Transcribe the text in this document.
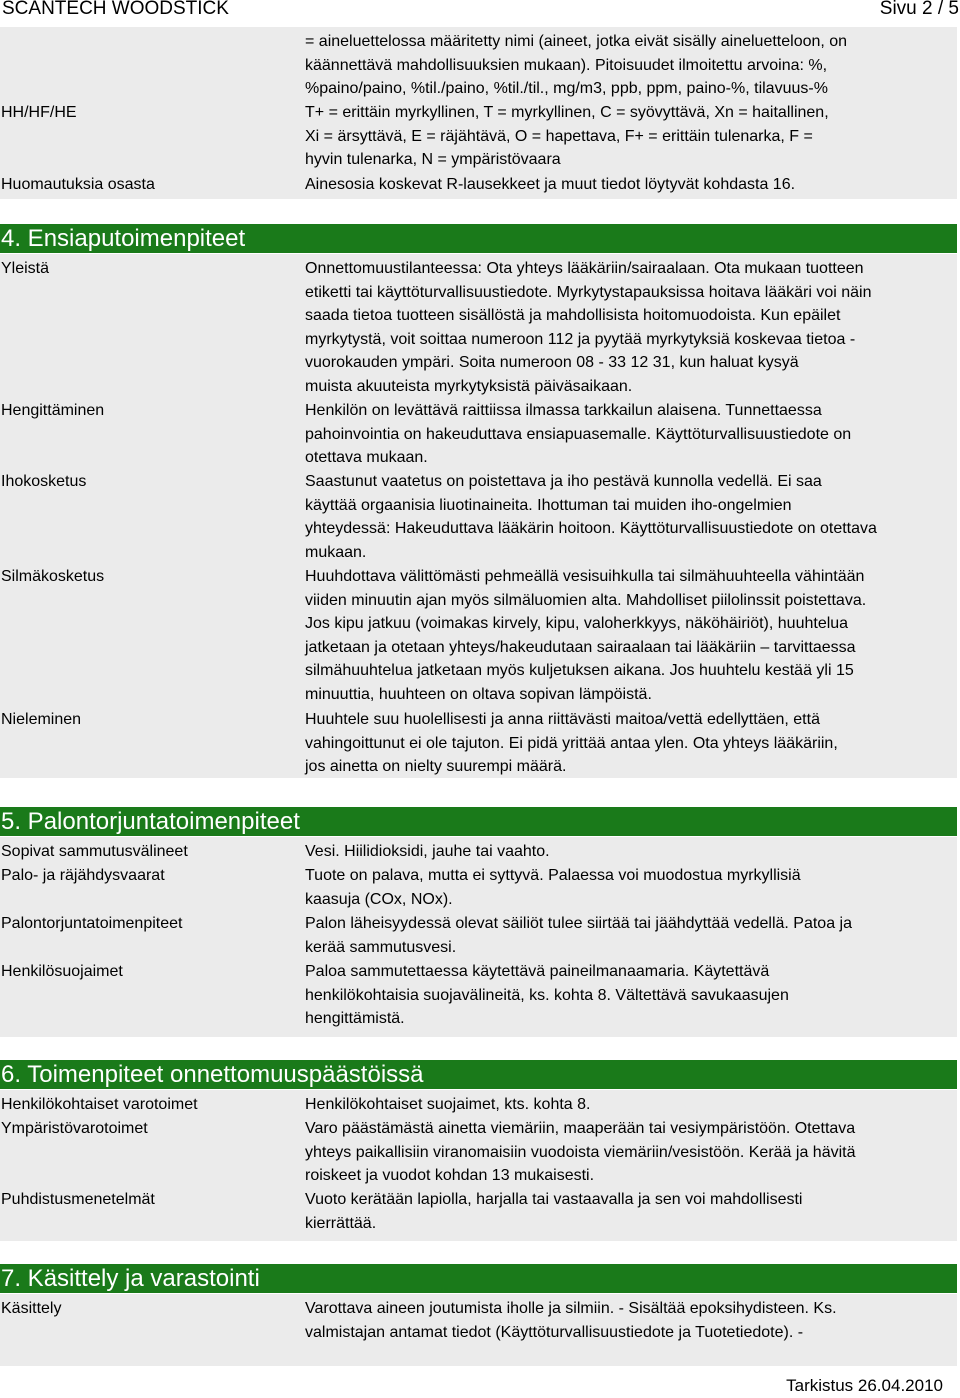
SCANTECH WOODSTICK	Sivu 2 / 5
= aineluettelossa määritetty nimi (aineet, jotka eivät sisälly aineluetteloon, on
käännettävä mahdollisuuksien mukaan). Pitoisuudet ilmoitettu arvoina: %,
%paino/paino, %til./paino, %til./til., mg/m3, ppb, ppm, paino-%, tilavuus-%
HH/HF/HE	T+ = erittäin myrkyllinen, T = myrkyllinen, C = syövyttävä, Xn = haitallinen,
Xi = ärsyttävä, E = räjähtävä, O = hapettava, F+ = erittäin tulenarka, F =
hyvin tulenarka, N = ympäristövaara
Huomautuksia osasta	Ainesosia koskevat R-lausekkeet ja muut tiedot löytyvät kohdasta 16.
4. Ensiaputoimenpiteet
Yleistä	Onnettomuustilanteessa: Ota yhteys lääkäriin/sairaalaan. Ota mukaan tuotteen
etiketti tai käyttöturvallisuustiedote. Myrkytystapauksissa hoitava lääkäri voi näin
saada tietoa tuotteen sisällöstä ja mahdollisista hoitomuodoista. Kun epäilet
myrkytystä, voit soittaa numeroon 112 ja pyytää myrkytyksiä koskevaa tietoa -
vuorokauden ympäri. Soita numeroon 08 - 33 12 31, kun haluat kysyä
muista akuuteista myrkytyksistä päiväsaikaan.
Hengittäminen	Henkilön on levättävä raittiissa ilmassa tarkkailun alaisena. Tunnettaessa
pahoinvointia on hakeuduttava ensiapuasemalle. Käyttöturvallisuustiedote on
otettava mukaan.
Ihokosketus	Saastunut vaatetus on poistettava ja iho pestävä kunnolla vedellä. Ei saa
käyttää orgaanisia liuotinaineita. Ihottuman tai muiden iho-ongelmien
yhteydessä: Hakeuduttava lääkärin hoitoon. Käyttöturvallisuustiedote on otettava
mukaan.
Silmäkosketus	Huuhdottava välittömästi pehmeällä vesisuihkulla tai silmähuuhteella vähintään
viiden minuutin ajan myös silmäluomien alta. Mahdolliset piilolinssit poistettava.
Jos kipu jatkuu (voimakas kirvely, kipu, valoherkkyys, näköhäiriöt), huuhtelua
jatketaan ja otetaan yhteys/hakeudutaan sairaalaan tai lääkäriin – tarvittaessa
silmähuuhtelua jatketaan myös kuljetuksen aikana. Jos huuhtelu kestää yli 15
minuuttia, huuhteen on oltava sopivan lämpöistä.
Nieleminen	Huuhtele suu huolellisesti ja anna riittävästi maitoa/vettä edellyttäen, että
vahingoittunut ei ole tajuton. Ei pidä yrittää antaa ylen. Ota yhteys lääkäriin,
jos ainetta on nielty suurempi määrä.
5. Palontorjuntatoimenpiteet
Sopivat sammutusvälineet	Vesi. Hiilidioksidi, jauhe tai vaahto.
Palo- ja räjähdysvaarat	Tuote on palava, mutta ei syttyvä. Palaessa voi muodostua myrkyllisiä
kaasuja (COx, NOx).
Palontorjuntatoimenpiteet	Palon läheisyydessä olevat säiliöt tulee siirtää tai jäähdyttää vedellä. Patoa ja
kerää sammutusvesi.
Henkilösuojaimet	Paloa sammutettaessa käytettävä paineilmanaamaria. Käytettävä
henkilökohtaisia suojavälineitä, ks. kohta 8. Vältettävä savukaasujen
hengittämistä.
6. Toimenpiteet onnettomuuspäästöissä
Henkilökohtaiset varotoimet	Henkilökohtaiset suojaimet, kts. kohta 8.
Ympäristövarotoimet	Varo päästämästä ainetta viemäriin, maaperään tai vesiympäristöön. Otettava
yhteys paikallisiin viranomaisiin vuodoista viemäriin/vesistöön. Kerää ja hävitä
roiskeet ja vuodot kohdan 13 mukaisesti.
Puhdistusmenetelmät	Vuoto kerätään lapiolla, harjalla tai vastaavalla ja sen voi mahdollisesti
kierrättää.
7. Käsittely ja varastointi
Käsittely	Varottava aineen joutumista iholle ja silmiin. - Sisältää epoksihydisteen. Ks.
valmistajan antamat tiedot (Käyttöturvallisuustiedote ja Tuotetiedote). -
Tarkistus 26.04.2010
